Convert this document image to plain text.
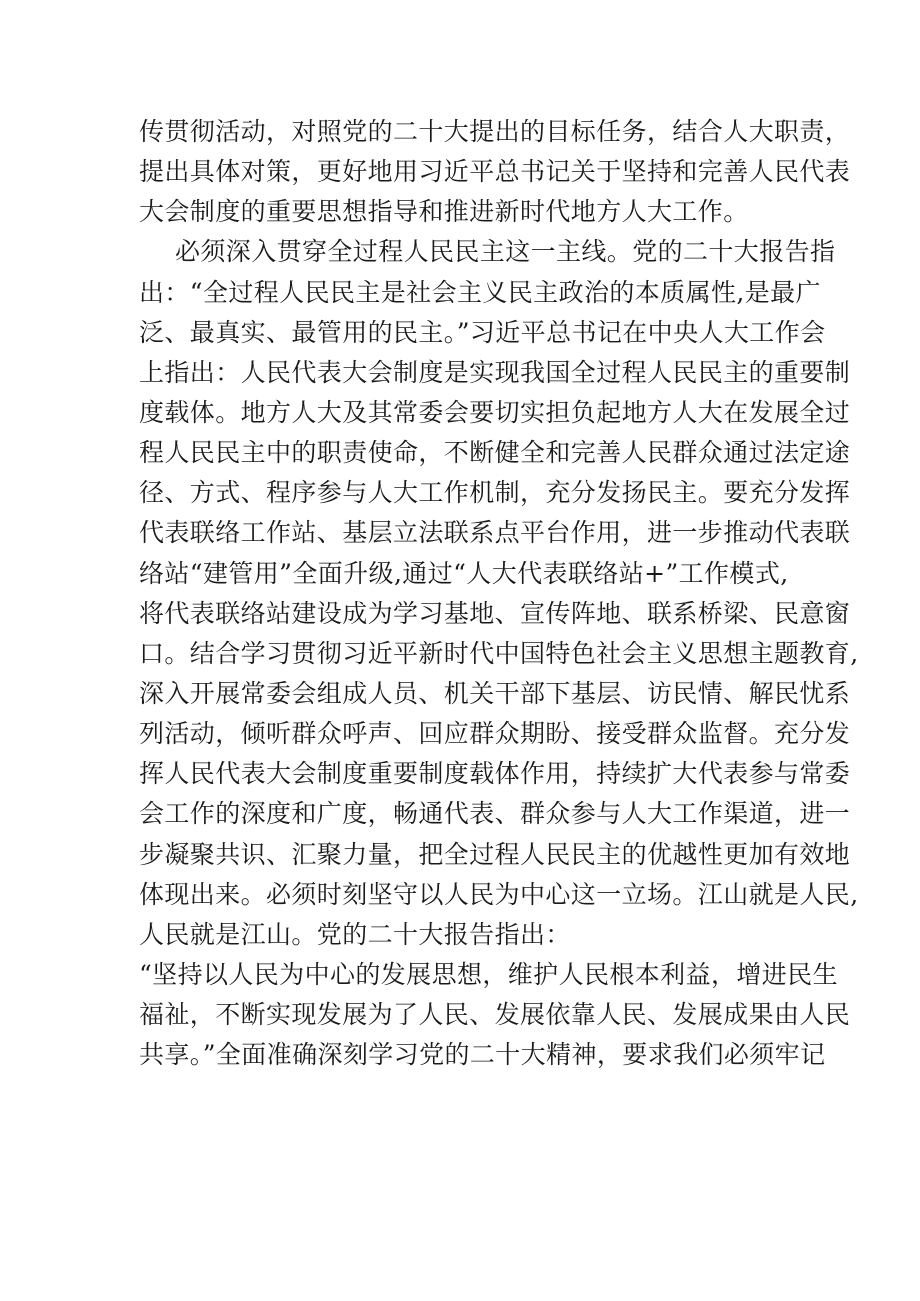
传贯彻活动，对照党的二十大提出的目标任务，结合人大职责，
提出具体对策，更好地用习近平总书记关于坚持和完善人民代表
大会制度的重要思想指导和推进新时代地方人大工作。
必须深入贯穿全过程人民民主这一主线。党的二十大报告指
出：“全过程人民民主是社会主义民主政治的本质属性,是最广
泛、最真实、最管用的民主。”习近平总书记在中央人大工作会
上指出：人民代表大会制度是实现我国全过程人民民主的重要制
度载体。地方人大及其常委会要切实担负起地方人大在发展全过
程人民民主中的职责使命，不断健全和完善人民群众通过法定途
径、方式、程序参与人大工作机制，充分发扬民主。要充分发挥
代表联络工作站、基层立法联系点平台作用，进一步推动代表联
络站“建管用”全面升级,通过“人大代表联络站+”工作模式,
将代表联络站建设成为学习基地、宣传阵地、联系桥梁、民意窗
口。结合学习贯彻习近平新时代中国特色社会主义思想主题教育,
深入开展常委会组成人员、机关干部下基层、访民情、解民忧系
列活动，倾听群众呼声、回应群众期盼、接受群众监督。充分发
挥人民代表大会制度重要制度载体作用，持续扩大代表参与常委
会工作的深度和广度，畅通代表、群众参与人大工作渠道，进一
步凝聚共识、汇聚力量，把全过程人民民主的优越性更加有效地
体现出来。必须时刻坚守以人民为中心这一立场。江山就是人民,
人民就是江山。党的二十大报告指出：
“坚持以人民为中心的发展思想，维护人民根本利益，增进民生
福祉，不断实现发展为了人民、发展依靠人民、发展成果由人民
共享。”全面准确深刻学习党的二十大精神，要求我们必须牢记
